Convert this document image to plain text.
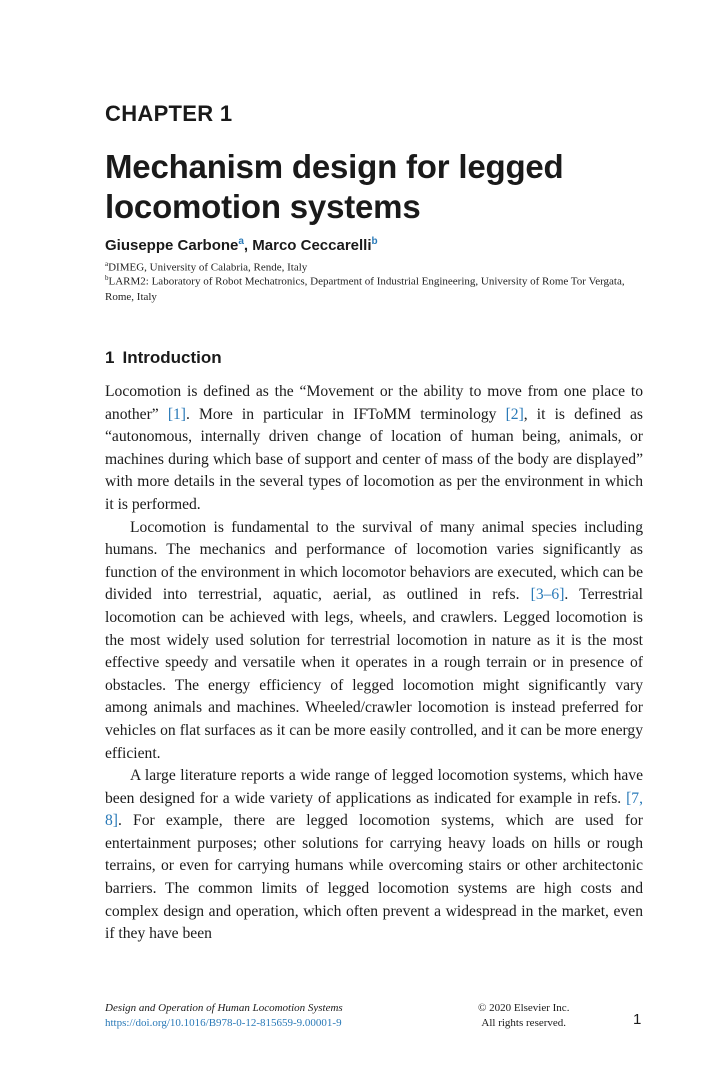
CHAPTER 1
Mechanism design for legged locomotion systems
Giuseppe Carbone$^a$, Marco Ceccarelli$^b$
$^a$DIMEG, University of Calabria, Rende, Italy
$^b$LARM2: Laboratory of Robot Mechatronics, Department of Industrial Engineering, University of Rome Tor Vergata, Rome, Italy
1 Introduction

Locomotion is defined as the “Movement or the ability to move from one place to another” [1]. More in particular in IFToMM terminology [2], it is defined as “autonomous, internally driven change of location of human being, animals, or machines during which base of support and center of mass of the body are displayed” with more details in the several types of locomotion as per the environment in which it is performed.

Locomotion is fundamental to the survival of many animal species including humans. The mechanics and performance of locomotion varies significantly as function of the environment in which locomotor behaviors are executed, which can be divided into terrestrial, aquatic, aerial, as outlined in refs. [3–6]. Terrestrial locomotion can be achieved with legs, wheels, and crawlers. Legged locomotion is the most widely used solution for terrestrial locomotion in nature as it is the most effective speedy and versatile when it operates in a rough terrain or in presence of obstacles. The energy efficiency of legged locomotion might significantly vary among animals and machines. Wheeled/crawler locomotion is instead preferred for vehicles on flat surfaces as it can be more easily controlled, and it can be more energy efficient.

A large literature reports a wide range of legged locomotion systems, which have been designed for a wide variety of applications as indicated for example in refs. [7, 8]. For example, there are legged locomotion systems, which are used for entertainment purposes; other solutions for carrying heavy loads on hills or rough terrains, or even for carrying humans while overcoming stairs or other architectonic barriers. The common limits of legged locomotion systems are high costs and complex design and operation, which often prevent a widespread in the market, even if they have been

Design and Operation of Human Locomotion Systems
https://doi.org/10.1016/B978-0-12-815659-9.00001-9
© 2020 Elsevier Inc.
All rights reserved.	1
